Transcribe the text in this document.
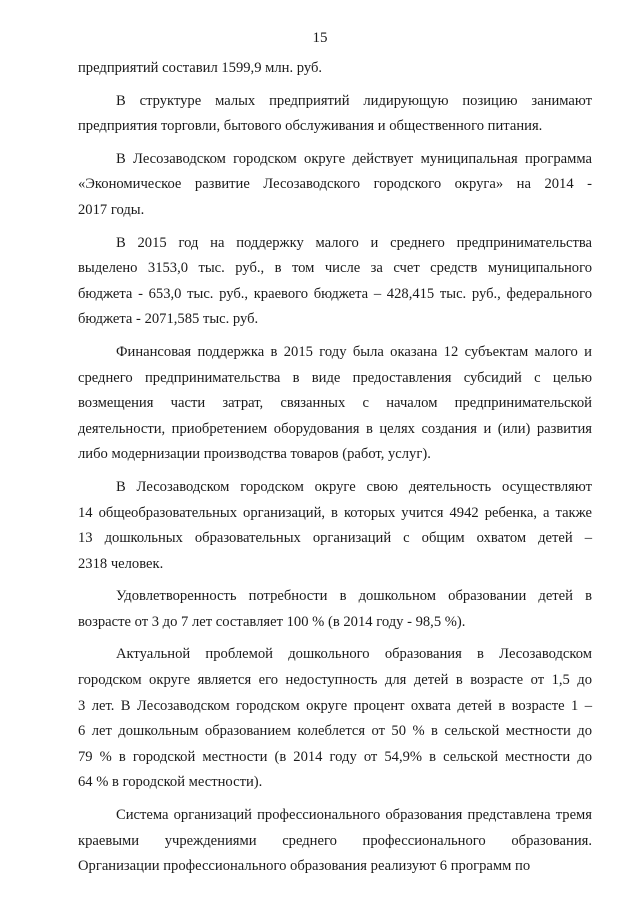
15
предприятий составил 1599,9 млн. руб.
В структуре малых предприятий лидирующую позицию занимают
предприятия торговли, бытового обслуживания и общественного питания.
В Лесозаводском городском округе действует муниципальная программа
«Экономическое развитие Лесозаводского городского округа» на 2014 -
2017 годы.
В 2015 год на поддержку малого и среднего предпринимательства
выделено 3153,0 тыс. руб., в том числе за счет средств муниципального
бюджета - 653,0 тыс. руб., краевого бюджета – 428,415 тыс. руб., федерального
бюджета - 2071,585 тыс. руб.
Финансовая поддержка в 2015 году была оказана 12 субъектам малого и
среднего предпринимательства в виде предоставления субсидий с целью
возмещения части затрат, связанных с началом предпринимательской
деятельности, приобретением оборудования в целях создания и (или) развития
либо модернизации производства товаров (работ, услуг).
В Лесозаводском городском округе свою деятельность осуществляют
14 общеобразовательных организаций, в которых учится 4942 ребенка, а также
13 дошкольных образовательных организаций с общим охватом детей –
2318 человек.
Удовлетворенность потребности в дошкольном образовании детей в
возрасте от 3 до 7 лет составляет 100 % (в 2014 году - 98,5 %).
Актуальной проблемой дошкольного образования в Лесозаводском
городском округе является его недоступность для детей в возрасте от 1,5 до
3 лет. В Лесозаводском городском округе процент охвата детей в возрасте 1 –
6 лет дошкольным образованием колеблется от 50 % в сельской местности до
79 % в городской местности (в 2014 году от 54,9% в сельской местности до
64 % в городской местности).
Система организаций профессионального образования представлена тремя
краевыми учреждениями среднего профессионального образования.
Организации профессионального образования реализуют 6 программ по
